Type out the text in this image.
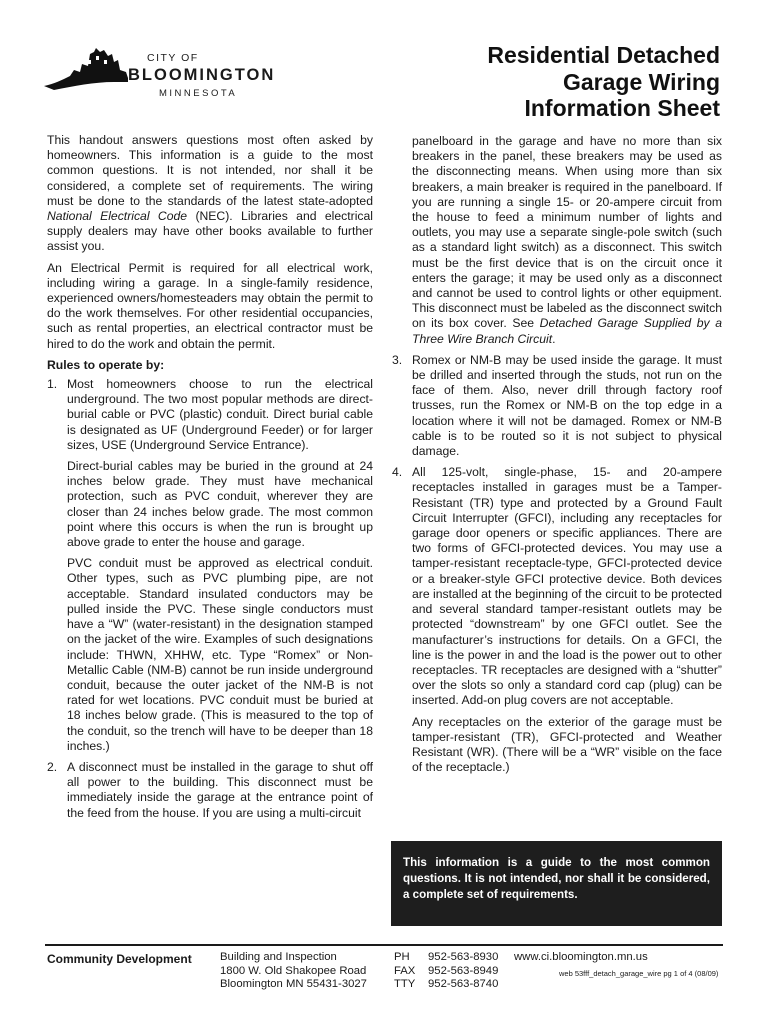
CITY OF
BLOOMINGTON
MINNESOTA
Residential Detached
Garage Wiring
Information Sheet

This handout answers questions most often asked by homeowners. This information is a guide to the most common questions. It is not intended, nor shall it be considered, a complete set of requirements. The wiring must be done to the standards of the latest state-adopted National Electrical Code (NEC). Libraries and electrical supply dealers may have other books available to further assist you.

An Electrical Permit is required for all electrical work, including wiring a garage. In a single-family residence, experienced owners/homesteaders may obtain the permit to do the work themselves. For other residential occupancies, such as rental properties, an electrical contractor must be hired to do the work and obtain the permit.

Rules to operate by:
1. Most homeowners choose to run the electrical underground. The two most popular methods are direct-burial cable or PVC (plastic) conduit. Direct burial cable is designated as UF (Underground Feeder) or for larger sizes, USE (Underground Service Entrance).

Direct-burial cables may be buried in the ground at 24 inches below grade. They must have mechanical protection, such as PVC conduit, wherever they are closer than 24 inches below grade. The most common point where this occurs is when the run is brought up above grade to enter the house and garage.

PVC conduit must be approved as electrical conduit. Other types, such as PVC plumbing pipe, are not acceptable. Standard insulated conductors may be pulled inside the PVC. These single conductors must have a “W” (water-resistant) in the designation stamped on the jacket of the wire. Examples of such designations include: THWN, XHHW, etc. Type “Romex” or Non-Metallic Cable (NM-B) cannot be run inside underground conduit, because the outer jacket of the NM-B is not rated for wet locations. PVC conduit must be buried at 18 inches below grade. (This is measured to the top of the conduit, so the trench will have to be deeper than 18 inches.)

2. A disconnect must be installed in the garage to shut off all power to the building. This disconnect must be immediately inside the garage at the entrance point of the feed from the house. If you are using a multi-circuit

panelboard in the garage and have no more than six breakers in the panel, these breakers may be used as the disconnecting means. When using more than six breakers, a main breaker is required in the panelboard. If you are running a single 15- or 20-ampere circuit from the house to feed a minimum number of lights and outlets, you may use a separate single-pole switch (such as a standard light switch) as a disconnect. This switch must be the first device that is on the circuit once it enters the garage; it may be used only as a disconnect and cannot be used to control lights or other equipment. This disconnect must be labeled as the disconnect switch on its box cover. See Detached Garage Supplied by a Three Wire Branch Circuit.

3. Romex or NM-B may be used inside the garage. It must be drilled and inserted through the studs, not run on the face of them. Also, never drill through factory roof trusses, run the Romex or NM-B on the top edge in a location where it will not be damaged. Romex or NM-B cable is to be routed so it is not subject to physical damage.

4. All 125-volt, single-phase, 15- and 20-ampere receptacles installed in garages must be a Tamper-Resistant (TR) type and protected by a Ground Fault Circuit Interrupter (GFCI), including any receptacles for garage door openers or specific appliances. There are two forms of GFCI-protected devices. You may use a tamper-resistant receptacle-type, GFCI-protected device or a breaker-style GFCI protective device. Both devices are installed at the beginning of the circuit to be protected and several standard tamper-resistant outlets may be protected “downstream” by one GFCI outlet. See the manufacturer’s instructions for details. On a GFCI, the line is the power in and the load is the power out to other receptacles. TR receptacles are designed with a “shutter” over the slots so only a standard cord cap (plug) can be inserted. Add-on plug covers are not acceptable.

Any receptacles on the exterior of the garage must be tamper-resistant (TR), GFCI-protected and Weather Resistant (WR). (There will be a “WR” visible on the face of the receptacle.)

This information is a guide to the most common questions. It is not intended, nor shall it be considered, a complete set of requirements.
Community Development	Building and Inspection
1800 W. Old Shakopee Road
Bloomington MN 55431-3027
PH
FAX
TTY
952-563-8930
952-563-8949
952-563-8740
www.ci.bloomington.mn.us
web 53fff_detach_garage_wire pg 1 of 4 (08/09)
